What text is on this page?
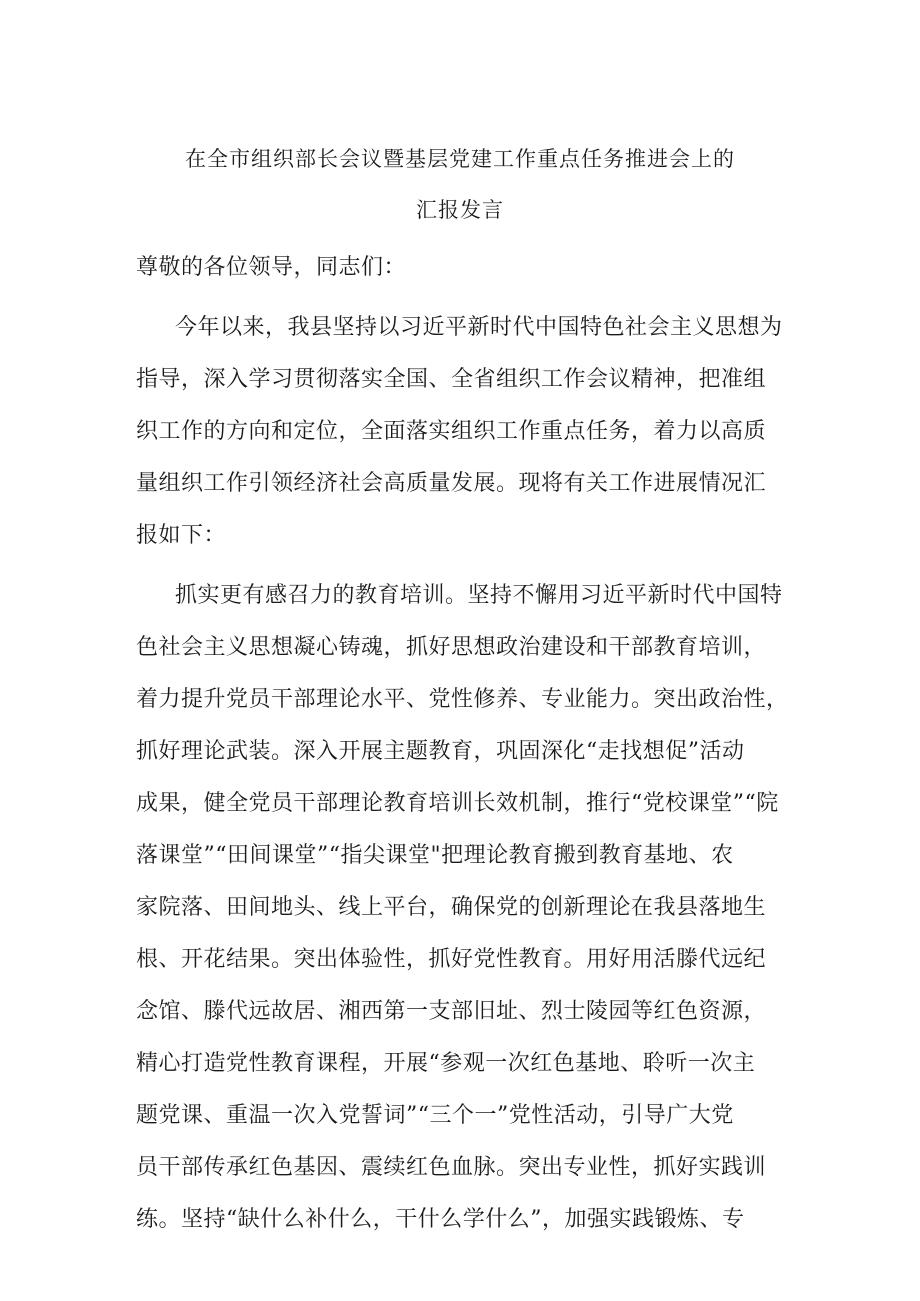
在全市组织部长会议暨基层党建工作重点任务推进会上的
汇报发言
尊敬的各位领导，同志们：
今年以来，我县坚持以习近平新时代中国特色社会主义思想为
指导，深入学习贯彻落实全国、全省组织工作会议精神，把准组
织工作的方向和定位，全面落实组织工作重点任务，着力以高质
量组织工作引领经济社会高质量发展。现将有关工作进展情况汇
报如下：
抓实更有感召力的教育培训。坚持不懈用习近平新时代中国特
色社会主义思想凝心铸魂，抓好思想政治建设和干部教育培训，
着力提升党员干部理论水平、党性修养、专业能力。突出政治性，
抓好理论武装。深入开展主题教育，巩固深化“走找想促”活动
成果，健全党员干部理论教育培训长效机制，推行“党校课堂”“院
落课堂”“田间课堂”“指尖课堂"把理论教育搬到教育基地、农
家院落、田间地头、线上平台，确保党的创新理论在我县落地生
根、开花结果。突出体验性，抓好党性教育。用好用活滕代远纪
念馆、滕代远故居、湘西第一支部旧址、烈士陵园等红色资源，
精心打造党性教育课程，开展“参观一次红色基地、聆听一次主
题党课、重温一次入党誓词”“三个一”党性活动，引导广大党
员干部传承红色基因、震续红色血脉。突出专业性，抓好实践训
练。坚持“缺什么补什么，干什么学什么”，加强实践锻炼、专
